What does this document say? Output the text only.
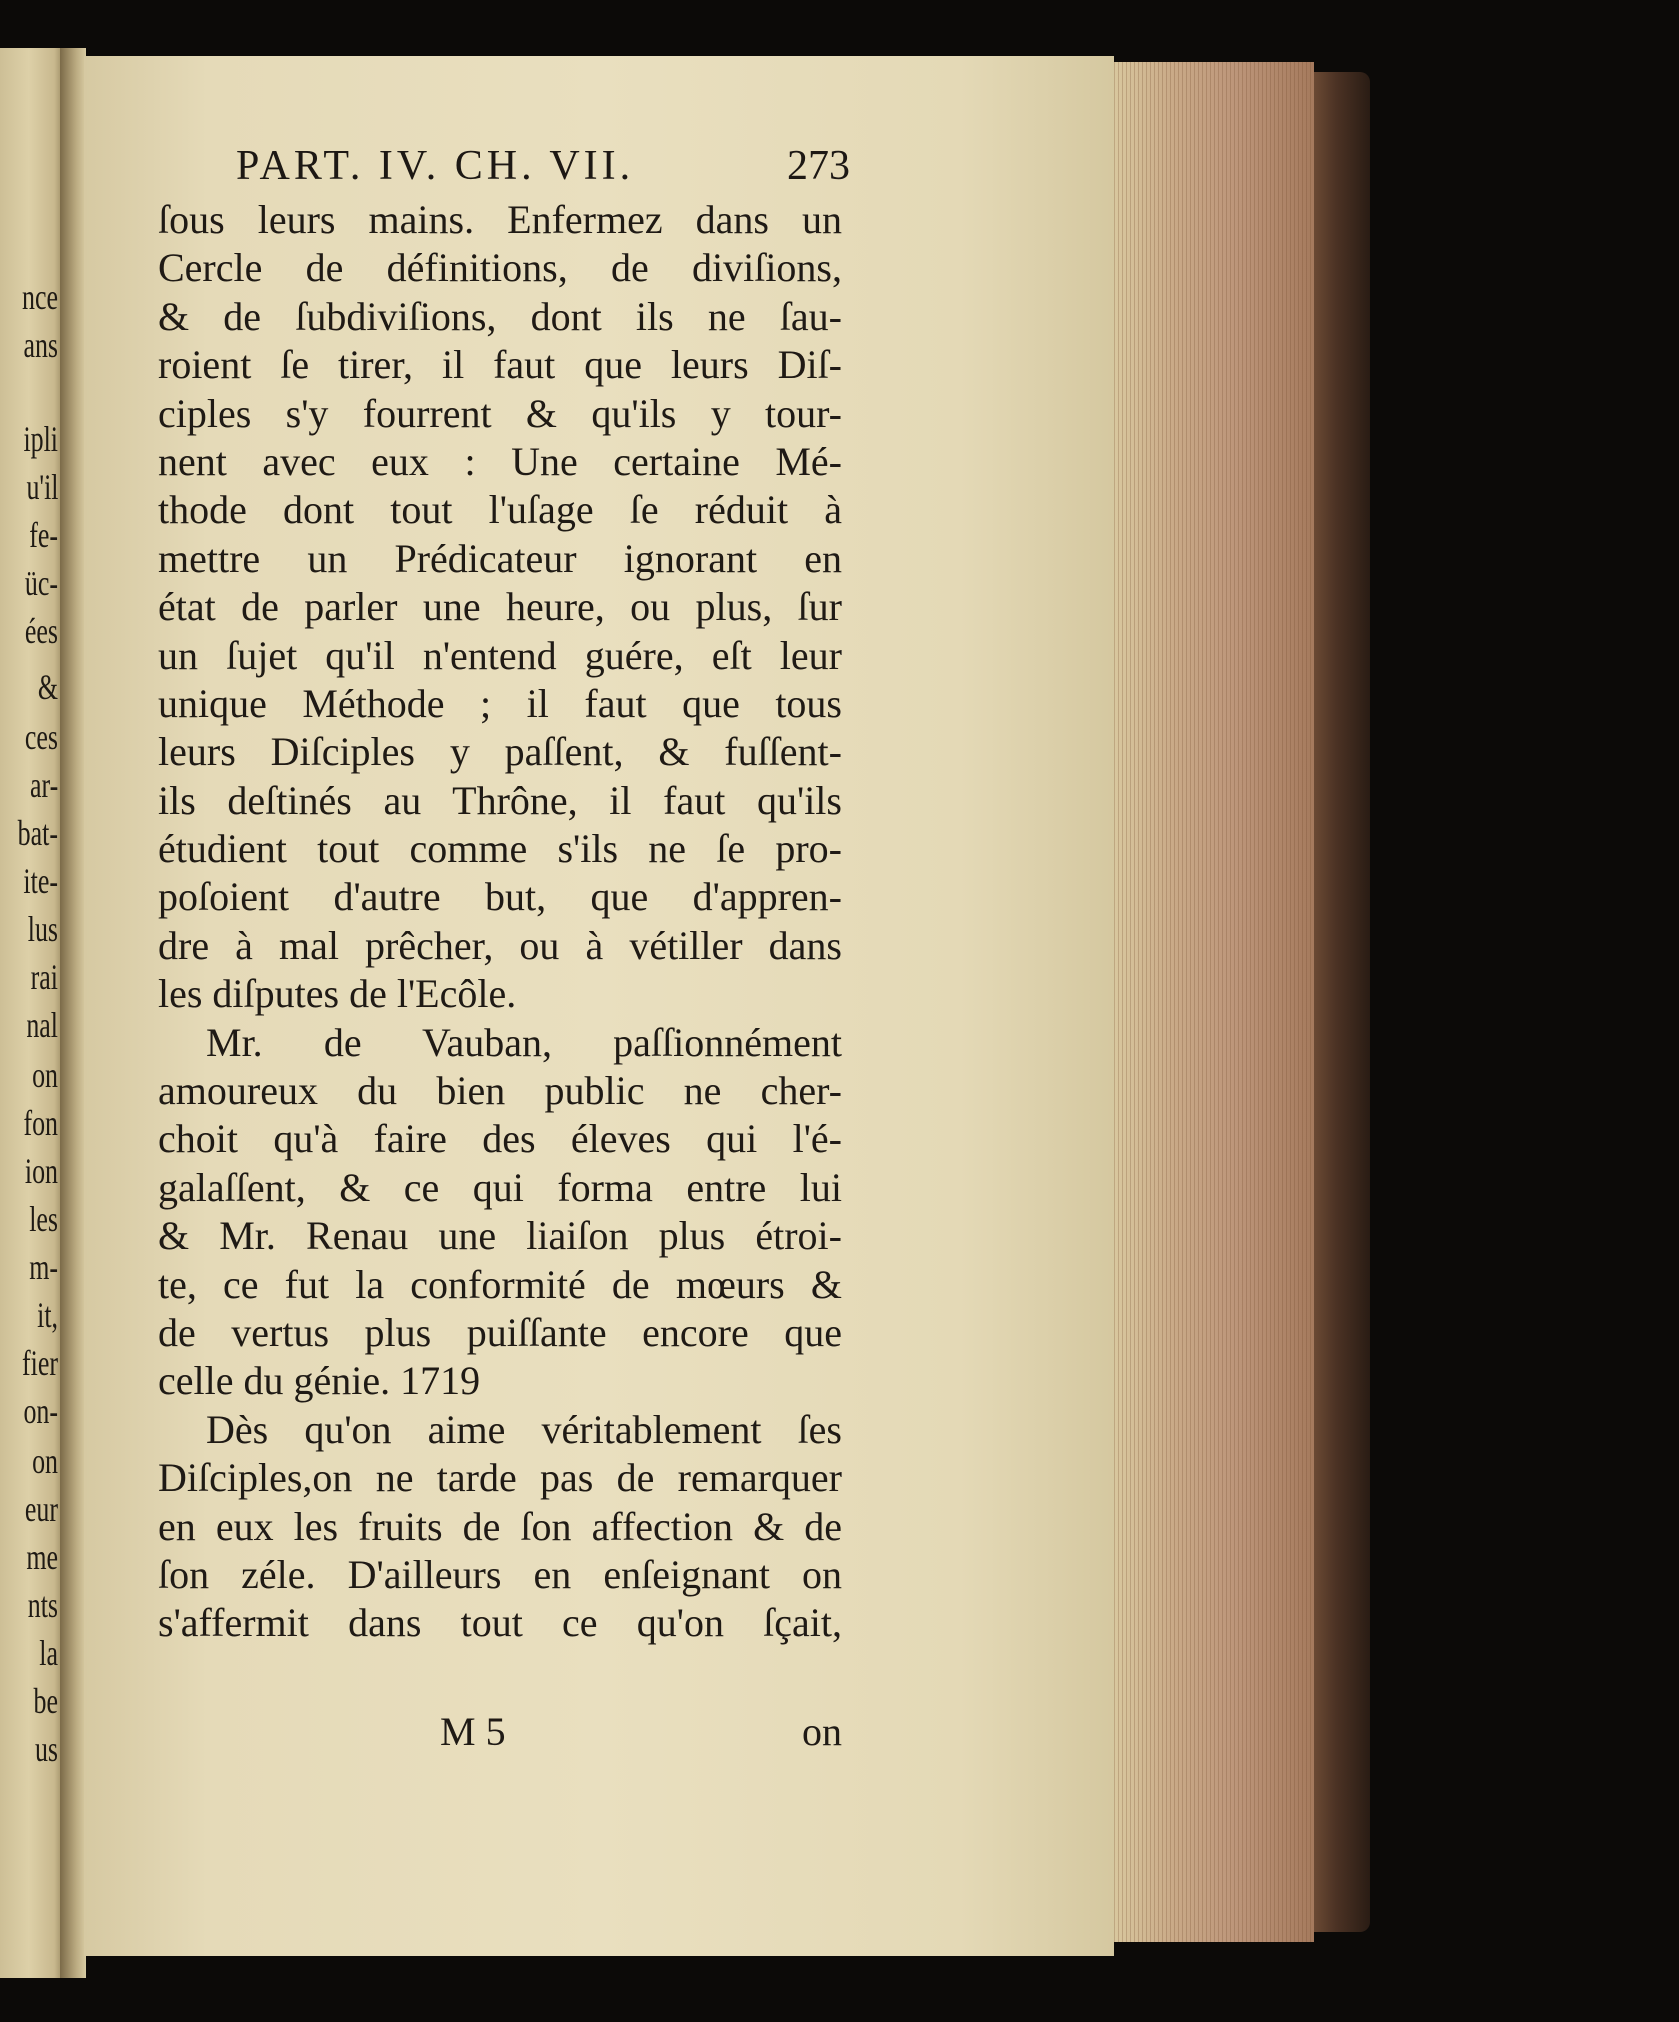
nce
ans
ipli
u'il
fe-
üc-
ées
&
ces
ar-
bat-
ite-
lus
rai
nal
on
fon
ion
les
m-
it,
fier
on-
on
eur
me
nts
la
be
us
PART. IV. CH. VII.	273
ſous leurs mains. Enfermez dans un
Cercle de définitions, de diviſions,
& de ſubdiviſions, dont ils ne ſau-
roient ſe tirer, il faut que leurs Diſ-
ciples s'y fourrent & qu'ils y tour-
nent avec eux : Une certaine Mé-
thode dont tout l'uſage ſe réduit à
mettre un Prédicateur ignorant en
état de parler une heure, ou plus, ſur
un ſujet qu'il n'entend guére, eſt leur
unique Méthode ; il faut que tous
leurs Diſciples y paſſent, & fuſſent-
ils deſtinés au Thrône, il faut qu'ils
étudient tout comme s'ils ne ſe pro-
poſoient d'autre but, que d'appren-
dre à mal prêcher, ou à vétiller dans
les diſputes de l'Ecôle.
Mr. de Vauban, paſſionnément
amoureux du bien public ne cher-
choit qu'à faire des éleves qui l'é-
galaſſent, & ce qui forma entre lui
& Mr. Renau une liaiſon plus étroi-
te, ce fut la conformité de mœurs &
de vertus plus puiſſante encore que
celle du génie. 1719
Dès qu'on aime véritablement ſes
Diſciples,on ne tarde pas de remarquer
en eux les fruits de ſon affection & de
ſon zéle. D'ailleurs en enſeignant on
s'affermit dans tout ce qu'on ſçait,
M 5	on
